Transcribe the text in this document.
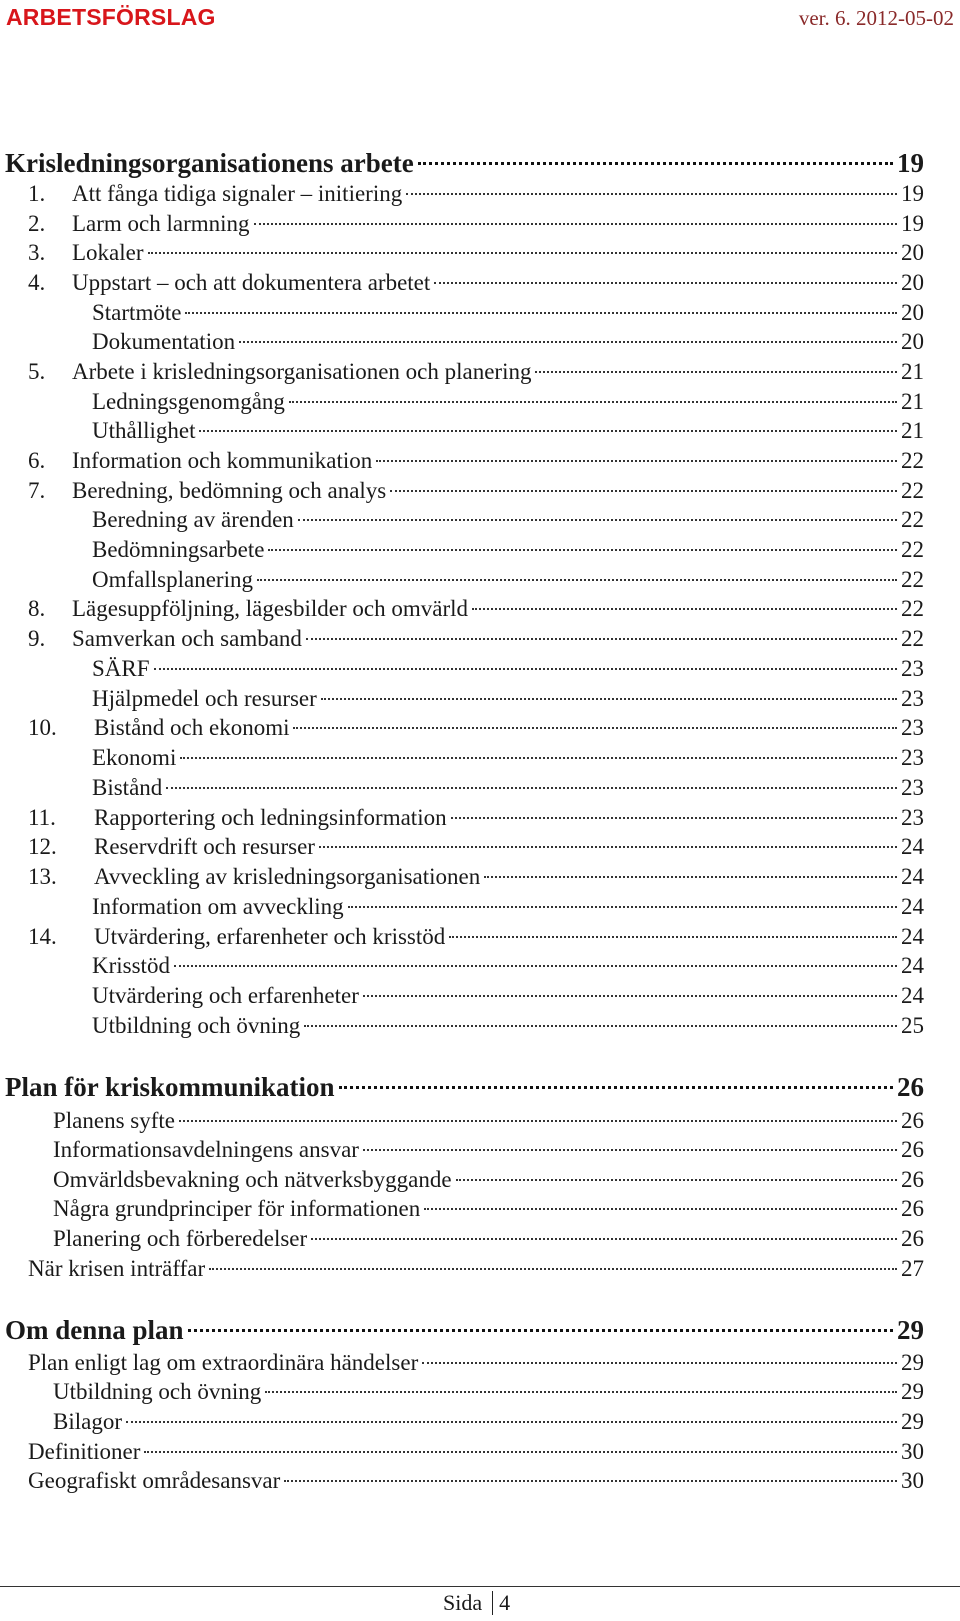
ARBETSFÖRSLAG	ver. 6. 2012-05-02
Krisledningsorganisationens arbete	19
1.	Att fånga tidiga signaler – initiering	19
2.	Larm och larmning	19
3.	Lokaler	20
4.	Uppstart – och att dokumentera arbetet	20
Startmöte	20
Dokumentation	20
5.	Arbete i krisledningsorganisationen och planering	21
Ledningsgenomgång	21
Uthållighet	21
6.	Information och kommunikation	22
7.	Beredning, bedömning och analys	22
Beredning av ärenden	22
Bedömningsarbete	22
Omfallsplanering	22
8.	Lägesuppföljning, lägesbilder och omvärld	22
9.	Samverkan och samband	22
SÄRF	23
Hjälpmedel och resurser	23
10.	Bistånd och ekonomi	23
Ekonomi	23
Bistånd	23
11.	Rapportering och ledningsinformation	23
12.	Reservdrift och resurser	24
13.	Avveckling av krisledningsorganisationen	24
Information om avveckling	24
14.	Utvärdering, erfarenheter och krisstöd	24
Krisstöd	24
Utvärdering och erfarenheter	24
Utbildning och övning	25
Plan för kriskommunikation	26
Planens syfte	26
Informationsavdelningens ansvar	26
Omvärldsbevakning och nätverksbyggande	26
Några grundprinciper för informationen	26
Planering och förberedelser	26
När krisen inträffar	27
Om denna plan	29
Plan enligt lag om extraordinära händelser	29
Utbildning och övning	29
Bilagor	29
Definitioner	30
Geografiskt områdesansvar	30
Sida 4
